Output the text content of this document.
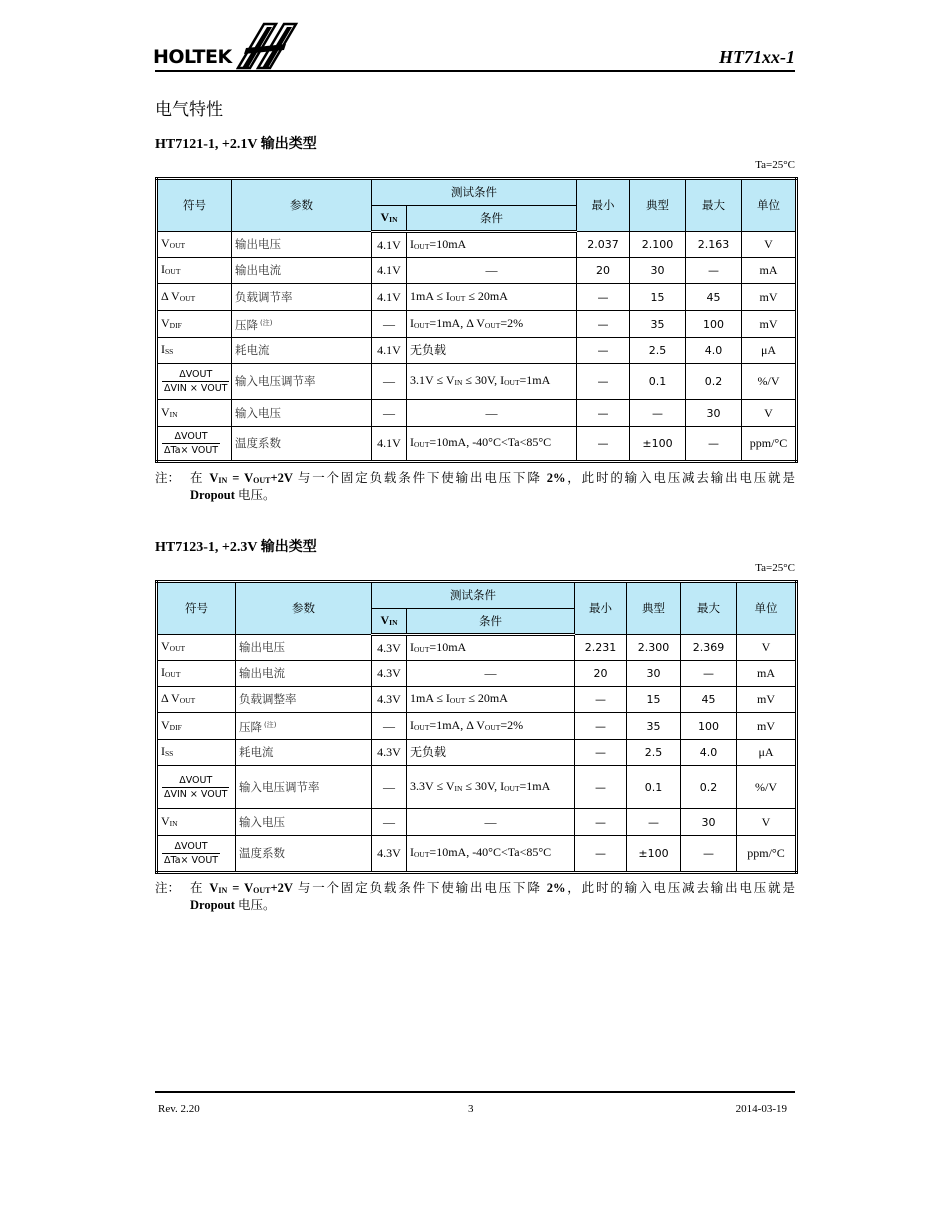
HOLTEK	HT71xx-1
电气特性
HT7121-1, +2.1V 输出类型
Ta=25°C
符号	参数	测试条件		最小	典型	最大	单位
		VIN	条件				
VOUT	输出电压	4.1V	IOUT=10mA	2.037	2.100	2.163	V
IOUT	输出电流	4.1V	—	20	30	—	mA
Δ VOUT	负载调节率	4.1V	1mA ≤ IOUT ≤ 20mA	—	15	45	mV
VDIF	压降 $^{(注)}$	—	IOUT=1mA, Δ VOUT=2%	—	35	100	mV
ISS	耗电流	4.1V	无负载	—	2.5	4.0	μA

$\frac{\text{ΔVOUT}}{\text{ΔVIN × VOUT}}$	输入电压调节率	—	3.1V ≤ VIN ≤ 30V, IOUT=1mA	—	0.1	0.2	%/V
VIN	输入电压	—	—	—	—	30	V

$\frac{\text{ΔVOUT}}{\text{ΔTa× VOUT}}$	温度系数	4.1V	IOUT=10mA, -40°C<Ta<85°C	—	±100	—	ppm/°C
注： 在 VIN = VOUT+2V 与一个固定负载条件下使输出电压下降 2%，此时的输入电压减去输出电压就是
Dropout 电压。
HT7123-1, +2.3V 输出类型
Ta=25°C
符号	参数	测试条件		最小	典型	最大	单位
		VIN	条件				
VOUT	输出电压	4.3V	IOUT=10mA	2.231	2.300	2.369	V
IOUT	输出电流	4.3V	—	20	30	—	mA
Δ VOUT	负载调整率	4.3V	1mA ≤ IOUT ≤ 20mA	—	15	45	mV
VDIF	压降 $^{(注)}$	—	IOUT=1mA, Δ VOUT=2%	—	35	100	mV
ISS	耗电流	4.3V	无负载	—	2.5	4.0	μA

$\frac{\text{ΔVOUT}}{\text{ΔVIN × VOUT}}$	输入电压调节率	—	3.3V ≤ VIN ≤ 30V, IOUT=1mA	—	0.1	0.2	%/V
VIN	输入电压	—	—	—	—	30	V

$\frac{\text{ΔVOUT}}{\text{ΔTa× VOUT}}$	温度系数	4.3V	IOUT=10mA, -40°C<Ta<85°C	—	±100	—	ppm/°C
注： 在 VIN = VOUT+2V 与一个固定负载条件下使输出电压下降 2%，此时的输入电压减去输出电压就是
Dropout 电压。
Rev. 2.20	3	2014-03-19
